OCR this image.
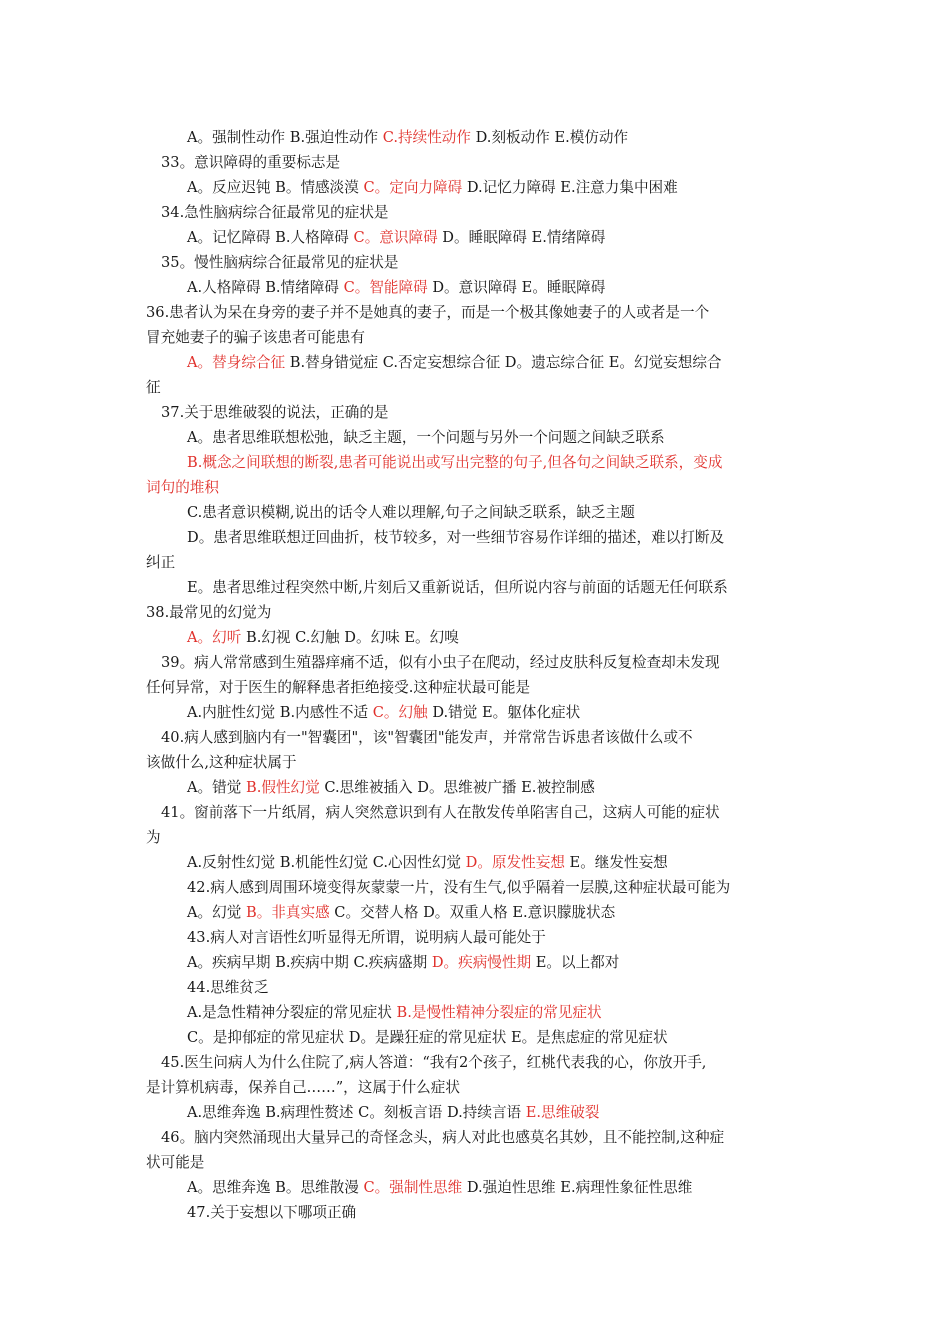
A。强制性动作 B.强迫性动作 C.持续性动作 D.刻板动作 E.模仿动作
33。意识障碍的重要标志是
A。反应迟钝 B。情感淡漠 C。定向力障碍 D.记忆力障碍 E.注意力集中困难
34.急性脑病综合征最常见的症状是
A。记忆障碍 B.人格障碍 C。意识障碍 D。睡眠障碍 E.情绪障碍
35。慢性脑病综合征最常见的症状是
A.人格障碍 B.情绪障碍 C。智能障碍 D。意识障碍 E。睡眠障碍
36.患者认为呆在身旁的妻子并不是她真的妻子，而是一个极其像她妻子的人或者是一个
冒充她妻子的骗子该患者可能患有
A。替身综合征 B.替身错觉症 C.否定妄想综合征 D。遗忘综合征 E。幻觉妄想综合
征
37.关于思维破裂的说法，正确的是
A。患者思维联想松弛，缺乏主题，一个问题与另外一个问题之间缺乏联系
B.概念之间联想的断裂,患者可能说出或写出完整的句子,但各句之间缺乏联系，变成
词句的堆积
C.患者意识模糊,说出的话令人难以理解,句子之间缺乏联系，缺乏主题
D。患者思维联想迂回曲折，枝节较多，对一些细节容易作详细的描述，难以打断及
纠正
E。患者思维过程突然中断,片刻后又重新说话，但所说内容与前面的话题无任何联系
38.最常见的幻觉为
A。幻听 B.幻视 C.幻触 D。幻味 E。幻嗅
39。病人常常感到生殖器痒痛不适，似有小虫子在爬动，经过皮肤科反复检查却未发现
任何异常，对于医生的解释患者拒绝接受.这种症状最可能是
A.内脏性幻觉 B.内感性不适 C。幻触 D.错觉 E。躯体化症状
40.病人感到脑内有一"智囊团"，该"智囊团"能发声，并常常告诉患者该做什么或不
该做什么,这种症状属于
A。错觉 B.假性幻觉 C.思维被插入 D。思维被广播 E.被控制感
41。窗前落下一片纸屑，病人突然意识到有人在散发传单陷害自己，这病人可能的症状
为
A.反射性幻觉 B.机能性幻觉 C.心因性幻觉 D。原发性妄想 E。继发性妄想
42.病人感到周围环境变得灰蒙蒙一片，没有生气,似乎隔着一层膜,这种症状最可能为
A。幻觉 B。非真实感 C。交替人格 D。双重人格 E.意识朦胧状态
43.病人对言语性幻听显得无所谓，说明病人最可能处于
A。疾病早期 B.疾病中期 C.疾病盛期 D。疾病慢性期 E。以上都对
44.思维贫乏
A.是急性精神分裂症的常见症状 B.是慢性精神分裂症的常见症状
C。是抑郁症的常见症状 D。是躁狂症的常见症状 E。是焦虑症的常见症状
45.医生问病人为什么住院了,病人答道：“我有2个孩子，红桃代表我的心，你放开手,
是计算机病毒，保养自己……”，这属于什么症状
A.思维奔逸 B.病理性赘述 C。刻板言语 D.持续言语 E.思维破裂
46。脑内突然涌现出大量异己的奇怪念头，病人对此也感莫名其妙，且不能控制,这种症
状可能是
A。思维奔逸 B。思维散漫 C。强制性思维 D.强迫性思维 E.病理性象征性思维
47.关于妄想以下哪项正确
